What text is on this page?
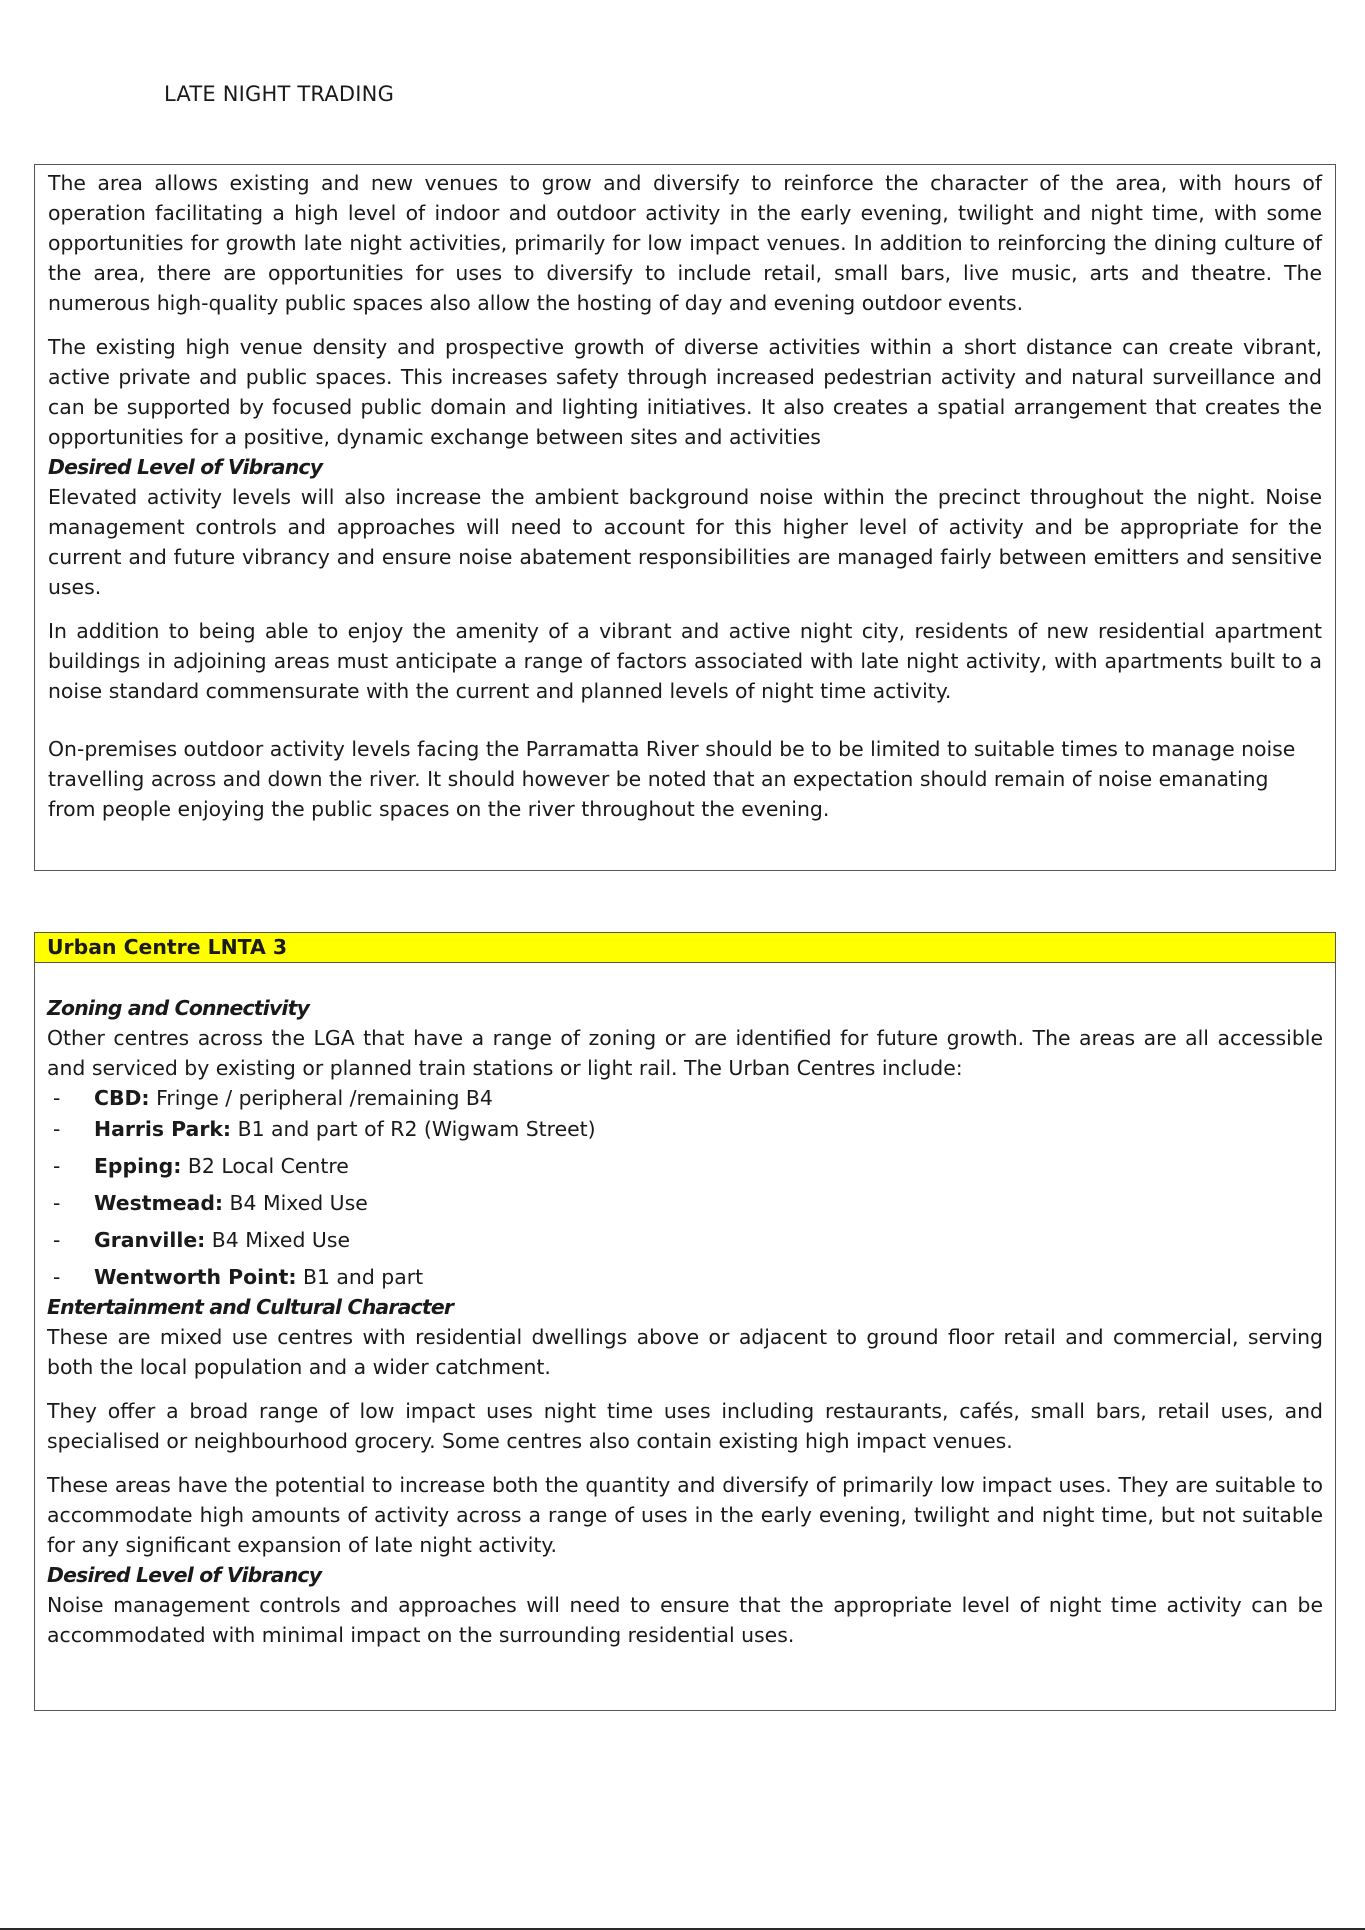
LATE NIGHT TRADING

The area allows existing and new venues to grow and diversify to reinforce the character of the area, with hours of operation facilitating a high level of indoor and outdoor activity in the early evening, twilight and night time, with some opportunities for growth late night activities, primarily for low impact venues. In addition to reinforcing the dining culture of the area, there are opportunities for uses to diversify to include retail, small bars, live music, arts and theatre. The numerous high-quality public spaces also allow the hosting of day and evening outdoor events.

The existing high venue density and prospective growth of diverse activities within a short distance can create vibrant, active private and public spaces. This increases safety through increased pedestrian activity and natural surveillance and can be supported by focused public domain and lighting initiatives. It also creates a spatial arrangement that creates the opportunities for a positive, dynamic exchange between sites and activities

Desired Level of Vibrancy

Elevated activity levels will also increase the ambient background noise within the precinct throughout the night. Noise management controls and approaches will need to account for this higher level of activity and be appropriate for the current and future vibrancy and ensure noise abatement responsibilities are managed fairly between emitters and sensitive uses.

In addition to being able to enjoy the amenity of a vibrant and active night city, residents of new residential apartment buildings in adjoining areas must anticipate a range of factors associated with late night activity, with apartments built to a noise standard commensurate with the current and planned levels of night time activity.

On-premises outdoor activity levels facing the Parramatta River should be to be limited to suitable times to manage noise travelling across and down the river. It should however be noted that an expectation should remain of noise emanating from people enjoying the public spaces on the river throughout the evening.

Urban Centre LNTA 3
Zoning and Connectivity

Other centres across the LGA that have a range of zoning or are identified for future growth. The areas are all accessible and serviced by existing or planned train stations or light rail. The Urban Centres include:

- CBD: Fringe / peripheral /remaining B4
- Harris Park: B1 and part of R2 (Wigwam Street)
- Epping: B2 Local Centre
- Westmead: B4 Mixed Use
- Granville: B4 Mixed Use
- Wentworth Point: B1 and part
Entertainment and Cultural Character

These are mixed use centres with residential dwellings above or adjacent to ground floor retail and commercial, serving both the local population and a wider catchment.

They offer a broad range of low impact uses night time uses including restaurants, cafés, small bars, retail uses, and specialised or neighbourhood grocery. Some centres also contain existing high impact venues.

These areas have the potential to increase both the quantity and diversify of primarily low impact uses. They are suitable to accommodate high amounts of activity across a range of uses in the early evening, twilight and night time, but not suitable for any significant expansion of late night activity.

Desired Level of Vibrancy

Noise management controls and approaches will need to ensure that the appropriate level of night time activity can be accommodated with minimal impact on the surrounding residential uses.
